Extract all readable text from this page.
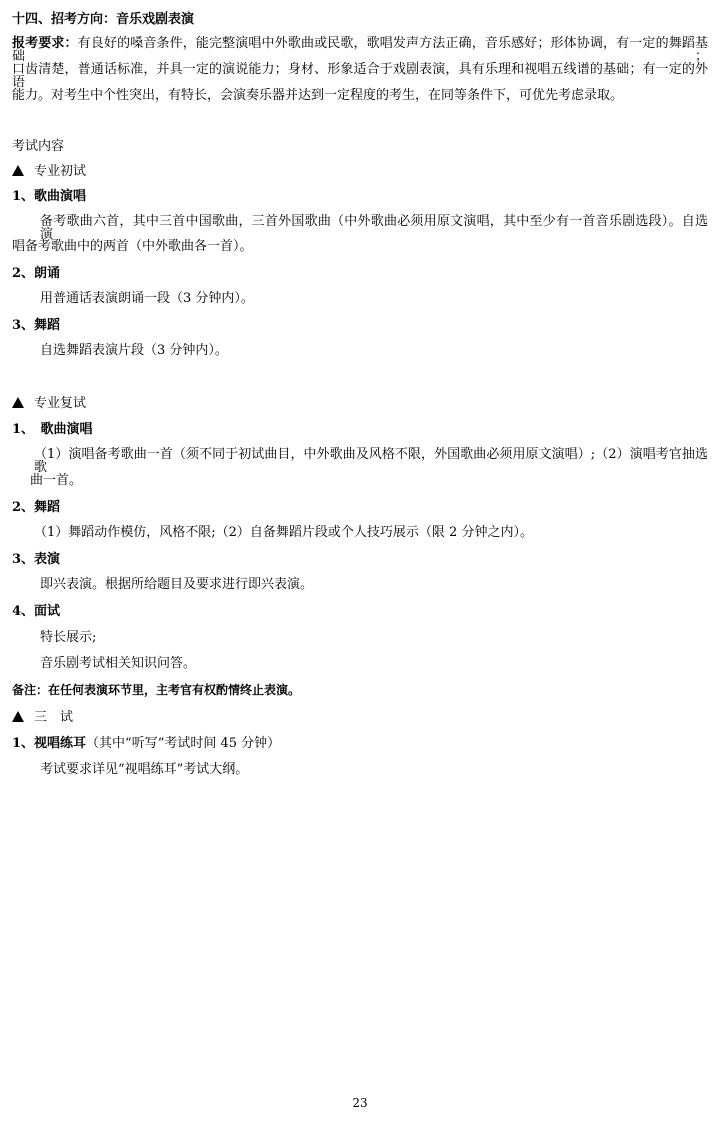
十四、招考方向：音乐戏剧表演
报考要求：有良好的嗓音条件，能完整演唱中外歌曲或民歌，歌唱发声方法正确，音乐感好；形体协调，有一定的舞蹈基础；
口齿清楚，普通话标准，并具一定的演说能力；身材、形象适合于戏剧表演，具有乐理和视唱五线谱的基础；有一定的外语
能力。对考生中个性突出，有特长，会演奏乐器并达到一定程度的考生，在同等条件下，可优先考虑录取。
考试内容
专业初试
1、歌曲演唱
备考歌曲六首，其中三首中国歌曲，三首外国歌曲（中外歌曲必须用原文演唱，其中至少有一首音乐剧选段）。自选演
唱备考歌曲中的两首（中外歌曲各一首）。
2、朗诵
用普通话表演朗诵一段（3 分钟内）。
3、舞蹈
自选舞蹈表演片段（3 分钟内）。
专业复试
1、　歌曲演唱
（1）演唱备考歌曲一首（须不同于初试曲目，中外歌曲及风格不限，外国歌曲必须用原文演唱）;（2）演唱考官抽选歌
曲一首。
2、舞蹈
（1）舞蹈动作模仿，风格不限;（2）自备舞蹈片段或个人技巧展示（限 2 分钟之内）。
3、表演
即兴表演。根据所给题目及要求进行即兴表演。
4、面试
特长展示;
音乐剧考试相关知识问答。
备注：在任何表演环节里，主考官有权酌情终止表演。
三　试
1、视唱练耳（其中“听写”考试时间 45 分钟）
考试要求详见“视唱练耳”考试大纲。
23
